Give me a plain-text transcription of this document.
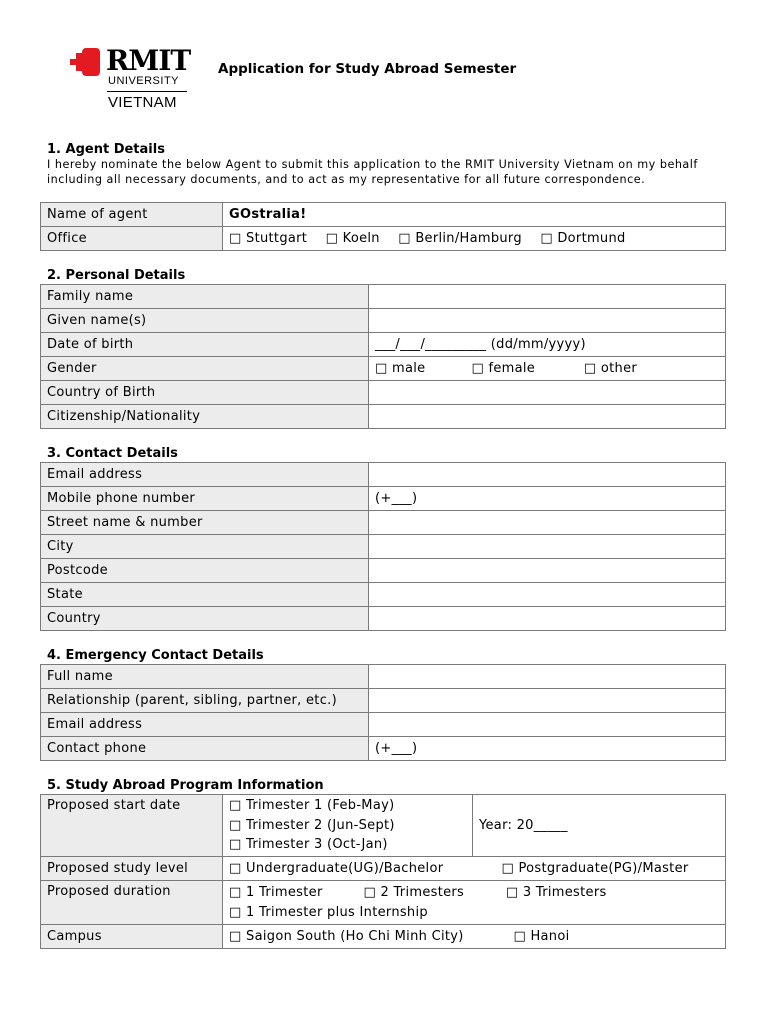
RMIT
UNIVERSITY
VIETNAM
Application for Study Abroad Semester
1. Agent Details
I hereby nominate the below Agent to submit this application to the RMIT University Vietnam on my behalf including all necessary documents, and to act as my representative for all future correspondence.
Name of agent	GOstralia!
Office	□ Stuttgart □ Koeln □ Berlin/Hamburg □ Dortmund
2. Personal Details
Family name	
Given name(s)	
Date of birth	___/___/_________ (dd/mm/yyyy)
Gender	□ male □ female □ other
Country of Birth	
Citizenship/Nationality	
3. Contact Details
Email address	
Mobile phone number	(+___)
Street name & number	
City	
Postcode	
State	
Country	
4. Emergency Contact Details
Full name	
Relationship (parent, sibling, partner, etc.)	
Email address	
Contact phone	(+___)
5. Study Abroad Program Information
Proposed start date	□ Trimester 1 (Feb-May)
□ Trimester 2 (Jun-Sept)
□ Trimester 3 (Oct-Jan)	Year: 20_____
Proposed study level	□ Undergraduate(UG)/Bachelor □ Postgraduate(PG)/Master	
Proposed duration	□ 1 Trimester □ 2 Trimesters □ 3 Trimesters
□ 1 Trimester plus Internship	

Campus	□ Saigon South (Ho Chi Minh City) □ Hanoi	
